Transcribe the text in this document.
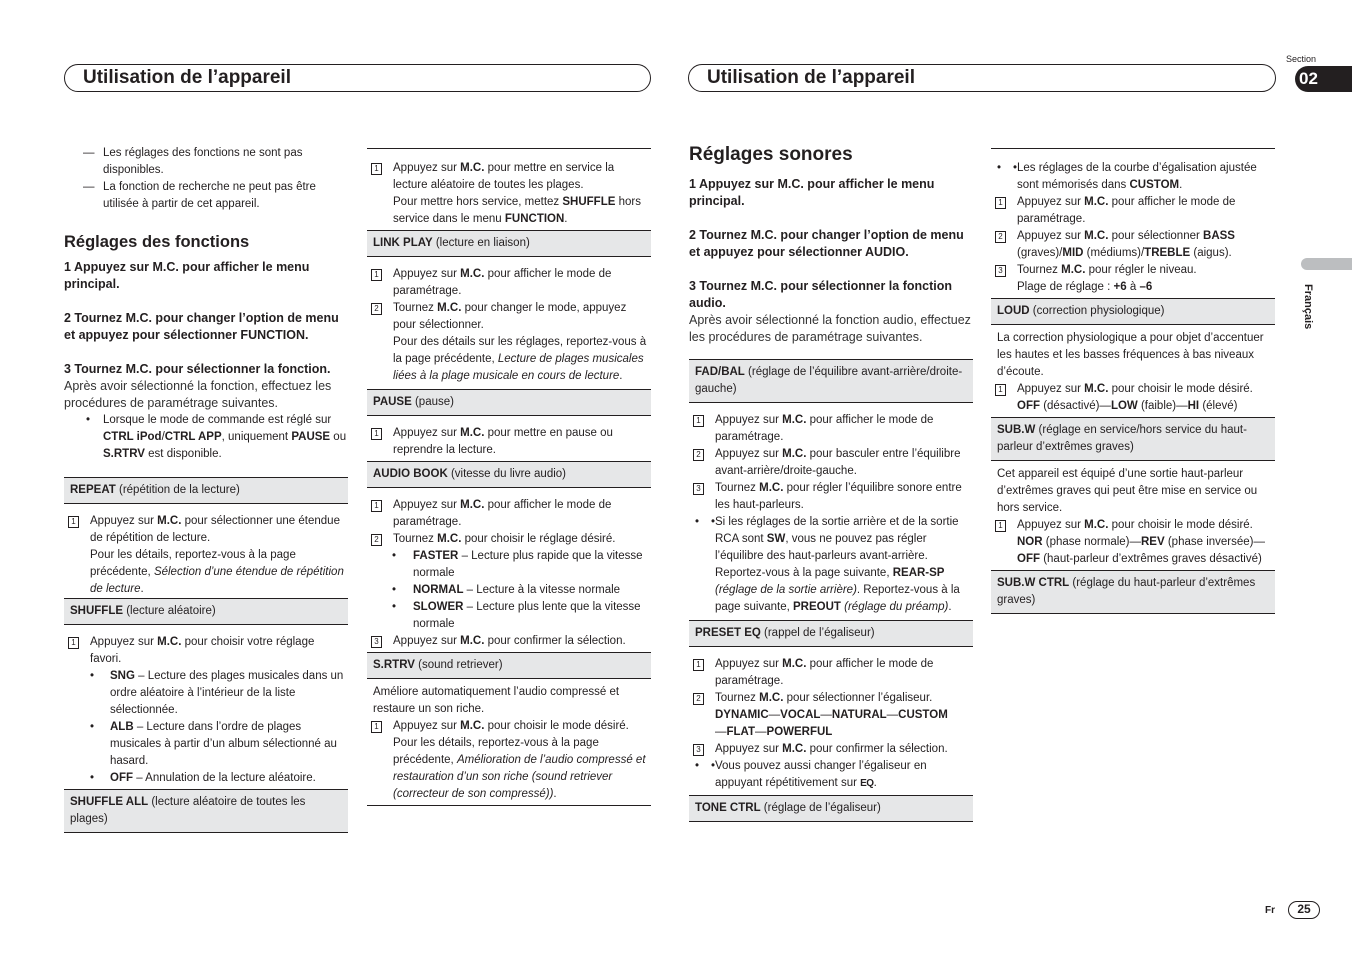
Utilisation de l’appareil	Utilisation de l’appareil
Section
02
Français

— Les réglages des fonctions ne sont pas disponibles.

— La fonction de recherche ne peut pas être utilisée à partir de cet appareil.

Réglages des fonctions

1 Appuyez sur M.C. pour afficher le menu principal.

2 Tournez M.C. pour changer l’option de menu et appuyez pour sélectionner FUNCTION.

3 Tournez M.C. pour sélectionner la fonction.

Après avoir sélectionné la fonction, effectuez les procédures de paramétrage suivantes.

• Lorsque le mode de commande est réglé sur CTRL iPod/CTRL APP, uniquement PAUSE ou S.RTRV est disponible.

REPEAT (répétition de la lecture)

1 Appuyez sur M.C. pour sélectionner une étendue de répétition de lecture.

Pour les détails, reportez-vous à la page précédente, Sélection d’une étendue de répétition de lecture.

SHUFFLE (lecture aléatoire)

1 Appuyez sur M.C. pour choisir votre réglage favori.

• SNG – Lecture des plages musicales dans un ordre aléatoire à l’intérieur de la liste sélectionnée.

• ALB – Lecture dans l’ordre de plages musicales à partir d’un album sélectionné au hasard.

• OFF – Annulation de la lecture aléatoire.

SHUFFLE ALL (lecture aléatoire de toutes les plages)

1 Appuyez sur M.C. pour mettre en service la lecture aléatoire de toutes les plages.

Pour mettre hors service, mettez SHUFFLE hors service dans le menu FUNCTION.

LINK PLAY (lecture en liaison)

1 Appuyez sur M.C. pour afficher le mode de paramétrage.

2 Tournez M.C. pour changer le mode, appuyez pour sélectionner.

Pour des détails sur les réglages, reportez-vous à la page précédente, Lecture de plages musicales liées à la plage musicale en cours de lecture.

PAUSE (pause)

1 Appuyez sur M.C. pour mettre en pause ou reprendre la lecture.

AUDIO BOOK (vitesse du livre audio)

1 Appuyez sur M.C. pour afficher le mode de paramétrage.

2 Tournez M.C. pour choisir le réglage désiré.

• FASTER – Lecture plus rapide que la vitesse normale

• NORMAL – Lecture à la vitesse normale

• SLOWER – Lecture plus lente que la vitesse normale

3 Appuyez sur M.C. pour confirmer la sélection.

S.RTRV (sound retriever)

Améliore automatiquement l’audio compressé et restaure un son riche.

1 Appuyez sur M.C. pour choisir le mode désiré.

Pour les détails, reportez-vous à la page précédente, Amélioration de l’audio compressé et restauration d’un son riche (sound retriever (correcteur de son compressé)).

Réglages sonores

1 Appuyez sur M.C. pour afficher le menu principal.

2 Tournez M.C. pour changer l’option de menu et appuyez pour sélectionner AUDIO.

3 Tournez M.C. pour sélectionner la fonction audio.

Après avoir sélectionné la fonction audio, effectuez les procédures de paramétrage suivantes.

FAD/BAL (réglage de l’équilibre avant-arrière/droite-gauche)

1 Appuyez sur M.C. pour afficher le mode de paramétrage.

2 Appuyez sur M.C. pour basculer entre l’équilibre avant-arrière/droite-gauche.

3 Tournez M.C. pour régler l’équilibre sonore entre les haut-parleurs.

• • Si les réglages de la sortie arrière et de la sortie RCA sont SW, vous ne pouvez pas régler l’équilibre des haut-parleurs avant-arrière. Reportez-vous à la page suivante, REAR-SP (réglage de la sortie arrière). Reportez-vous à la page suivante, PREOUT (réglage du préamp).

PRESET EQ (rappel de l’égaliseur)

1 Appuyez sur M.C. pour afficher le mode de paramétrage.

2 Tournez M.C. pour sélectionner l’égaliseur.

DYNAMIC—VOCAL—NATURAL—CUSTOM
—FLAT—POWERFUL

3 Appuyez sur M.C. pour confirmer la sélection.

• • Vous pouvez aussi changer l’égaliseur en appuyant répétitivement sur EQ.

TONE CTRL (réglage de l’égaliseur)

• • Les réglages de la courbe d’égalisation ajustée sont mémorisés dans CUSTOM.

1 Appuyez sur M.C. pour afficher le mode de paramétrage.

2 Appuyez sur M.C. pour sélectionner BASS (graves)/MID (médiums)/TREBLE (aigus).

3 Tournez M.C. pour régler le niveau.

Plage de réglage : +6 à –6

LOUD (correction physiologique)

La correction physiologique a pour objet d’accentuer les hautes et les basses fréquences à bas niveaux d’écoute.

1 Appuyez sur M.C. pour choisir le mode désiré.
OFF (désactivé)—LOW (faible)—HI (élevé)

SUB.W (réglage en service/hors service du haut-parleur d’extrêmes graves)

Cet appareil est équipé d’une sortie haut-parleur d’extrêmes graves qui peut être mise en service ou hors service.

1 Appuyez sur M.C. pour choisir le mode désiré.
NOR (phase normale)—REV (phase inversée)—OFF (haut-parleur d’extrêmes graves désactivé)

SUB.W CTRL (réglage du haut-parleur d’extrêmes graves)
Fr	25
